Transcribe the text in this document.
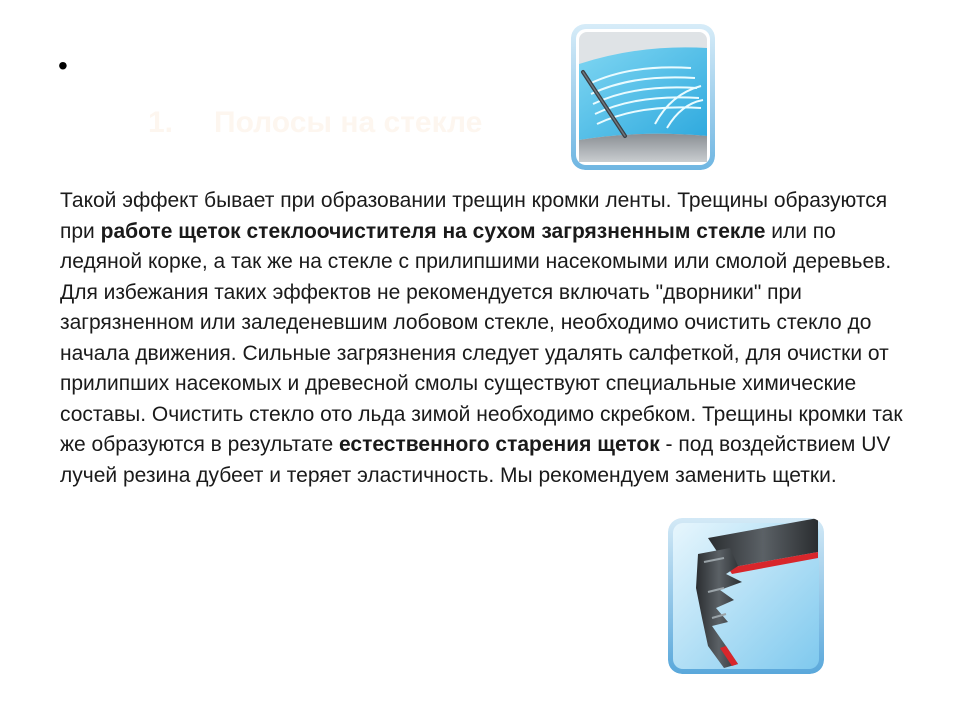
•
1. Полосы на стекле
Такой эффект бывает при образовании трещин кромки ленты. Трещины образуются при работе щеток стеклоочистителя на сухом загрязненным стекле или по ледяной корке, а так же на стекле с прилипшими насекомыми или смолой деревьев. Для избежания таких эффектов не рекомендуется включать "дворники" при загрязненном или заледеневшим лобовом стекле, необходимо очистить стекло до начала движения. Сильные загрязнения следует удалять салфеткой, для очистки от прилипших насекомых и древесной смолы существуют специальные химические составы. Очистить стекло ото льда зимой необходимо скребком. Трещины кромки так же образуются в результате естественного старения щеток - под воздействием UV лучей резина дубеет и теряет эластичность. Мы рекомендуем заменить щетки.
